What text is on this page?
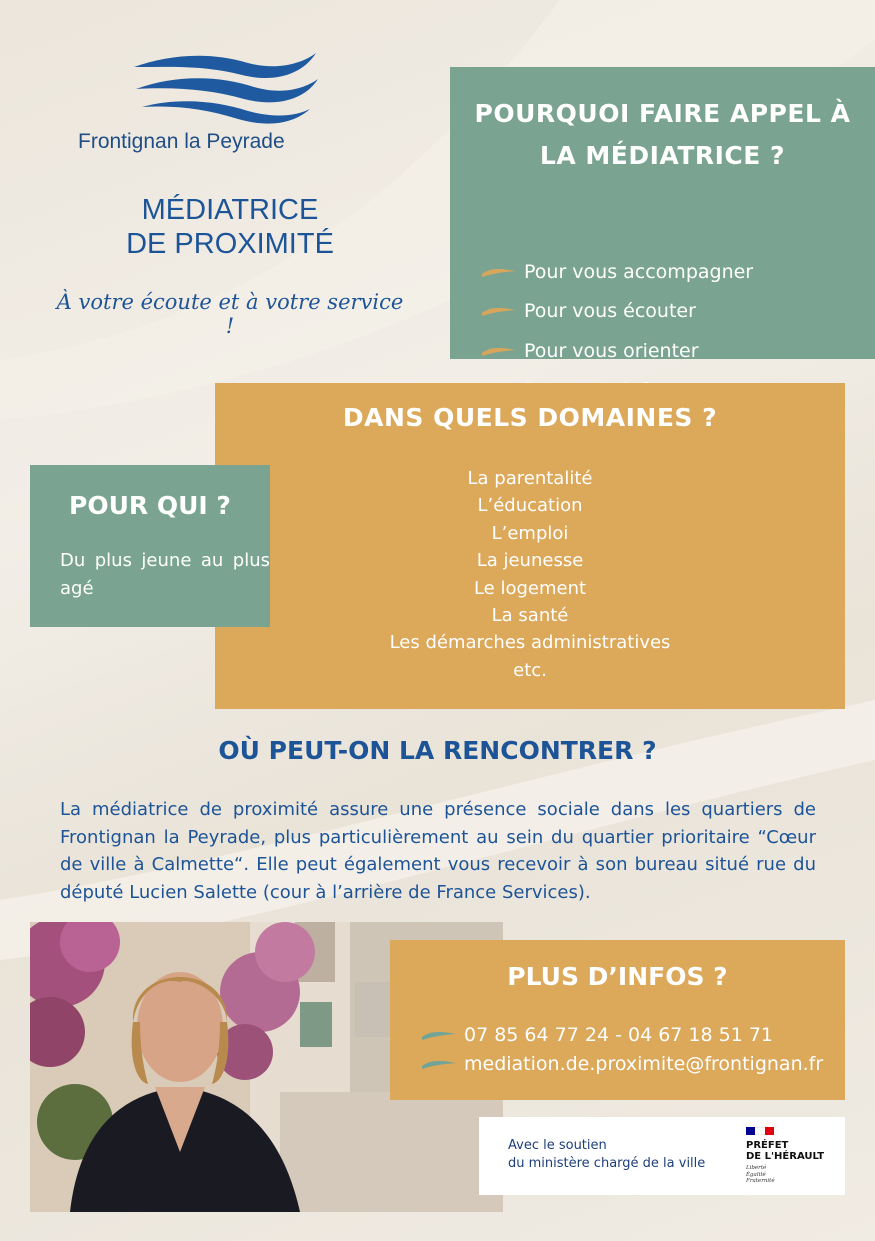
Frontignan la Peyrade
MÉDIATRICE
DE PROXIMITÉ
À votre écoute et à votre service !
POURQUOI FAIRE APPEL À
LA MÉDIATRICE ?
Pour vous accompagner
Pour vous écouter
Pour vous orienter
DANS QUELS DOMAINES ?
La parentalité
L’éducation
L’emploi
La jeunesse
Le logement
La santé
Les démarches administratives
etc.
POUR QUI ?
Du plus jeune au plus agé
OÙ PEUT-ON LA RENCONTRER ?

La médiatrice de proximité assure une présence sociale dans les quartiers de Frontignan la Peyrade, plus particulièrement au sein du quartier prioritaire “Cœur de ville à Calmette“. Elle peut également vous recevoir à son bureau situé rue du député Lucien Salette (cour à l’arrière de France Services).

PLUS D’INFOS ?
07 85 64 77 24 - 04 67 18 51 71
mediation.de.proximite@frontignan.fr
Avec le soutien
du ministère chargé de la ville
PRÉFET
DE L'HÉRAULT
Liberté
Égalité
Fraternité
